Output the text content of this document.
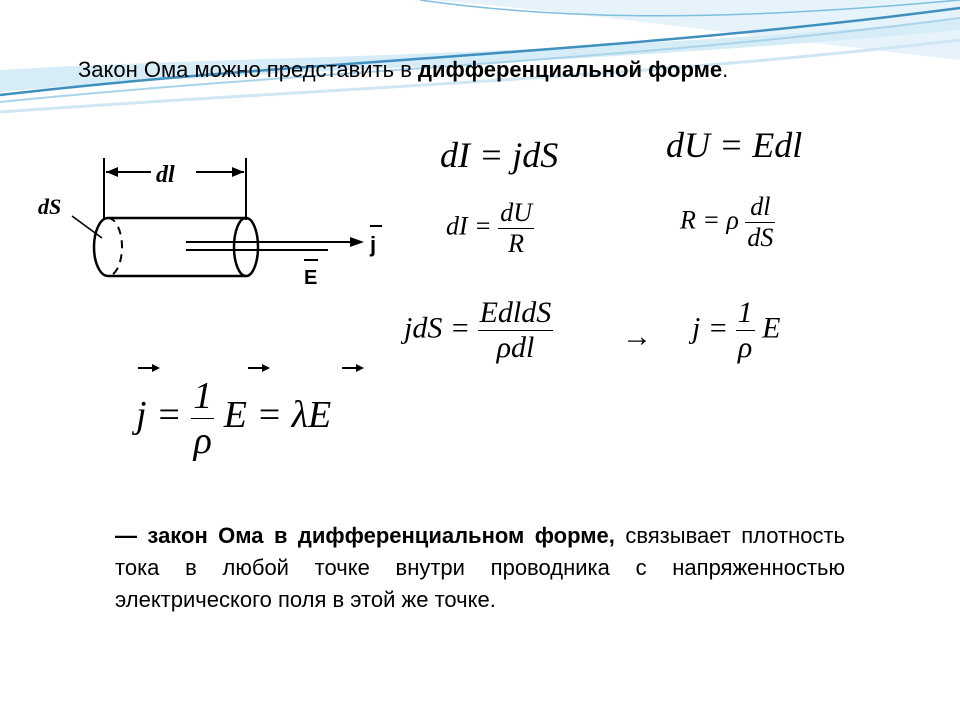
Закон Ома можно представить в дифференциальной форме.
dl
dS
j
E
dI = jdS	dU = Edl
dI = $\frac{dU}{R}$	R = ρ $\frac{dl}{dS}$
jdS = $\frac{\text{EdldS}}{\text{ρdl}} \to j = \frac{1}{\rho}$ E
$j = \frac{1}{\rho}$ E = λE
— закон Ома в дифференциальном форме, связывает плотность тока в любой точке внутри проводника с напряженностью электрического поля в этой же точке.
